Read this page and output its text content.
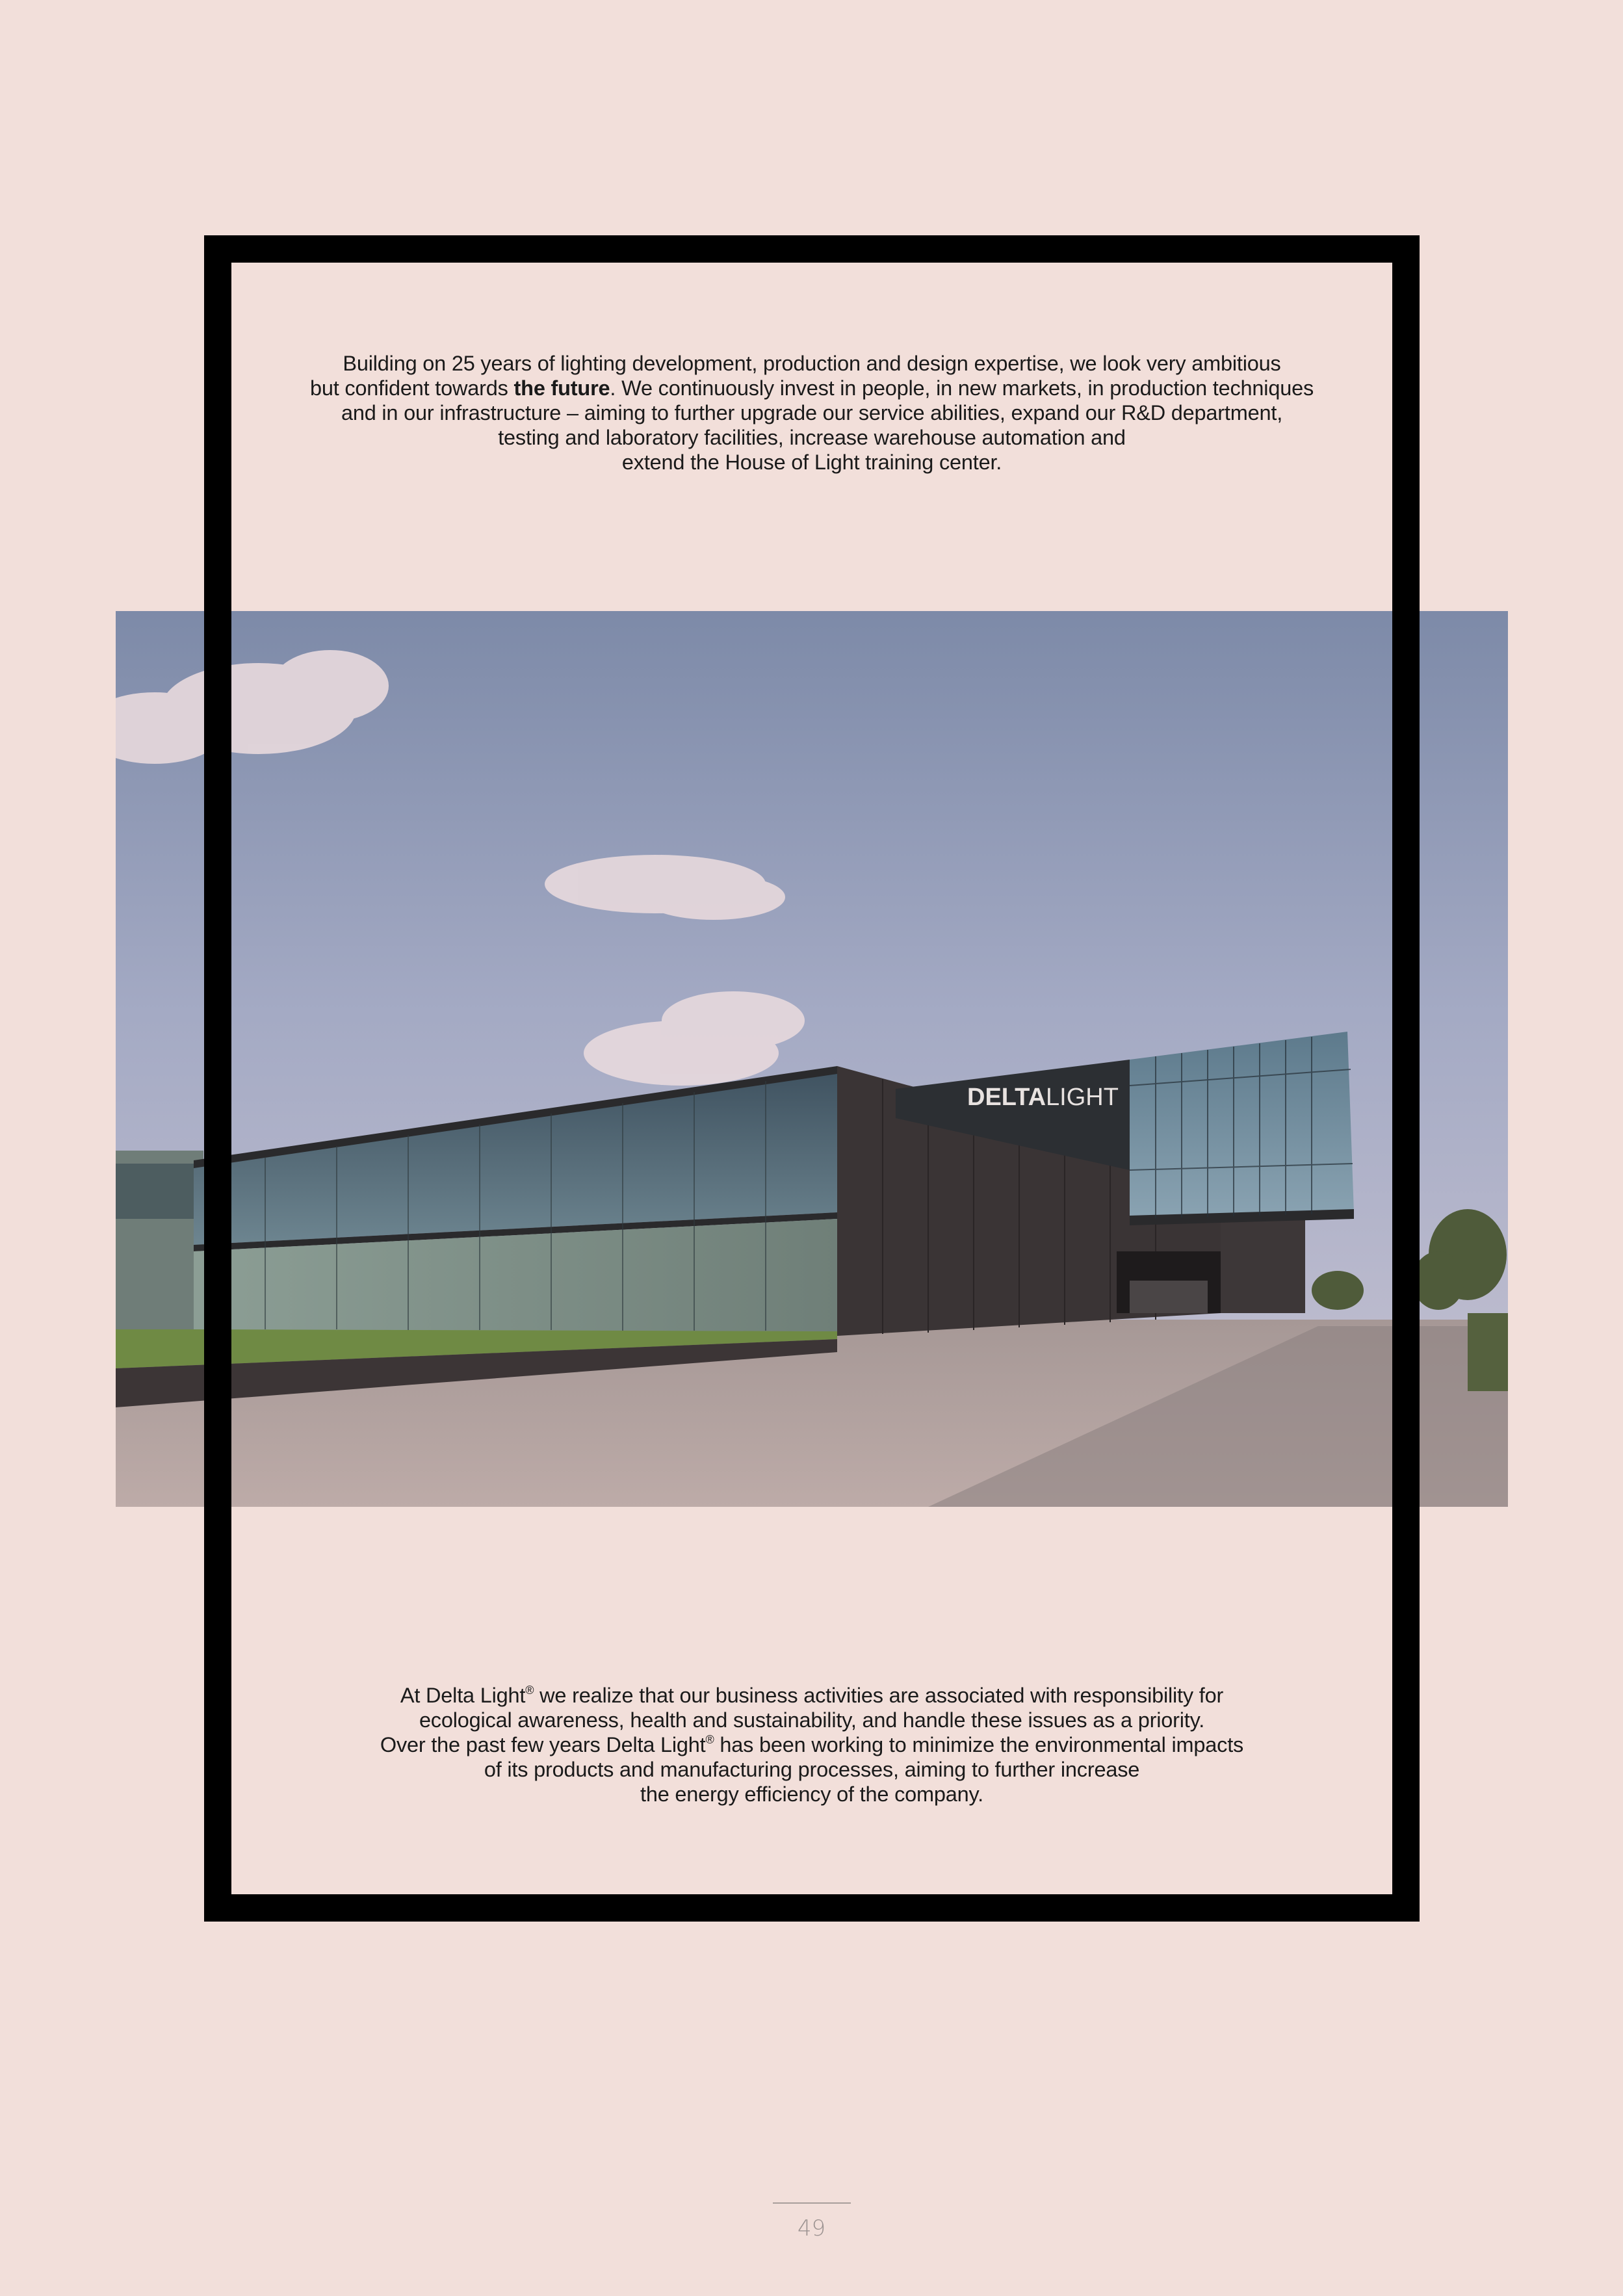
Building on 25 years of lighting development, production and design expertise, we look very ambitious

but confident towards the future. We continuously invest in people, in new markets, in production techniques

and in our infrastructure – aiming to further upgrade our service abilities, expand our R&D department,

testing and laboratory facilities, increase warehouse automation and

extend the House of Light training center.

DELTALIGHT

At Delta Light® we realize that our business activities are associated with responsibility for

ecological awareness, health and sustainability, and handle these issues as a priority.

Over the past few years Delta Light® has been working to minimize the environmental impacts

of its products and manufacturing processes, aiming to further increase

the energy efficiency of the company.

49
